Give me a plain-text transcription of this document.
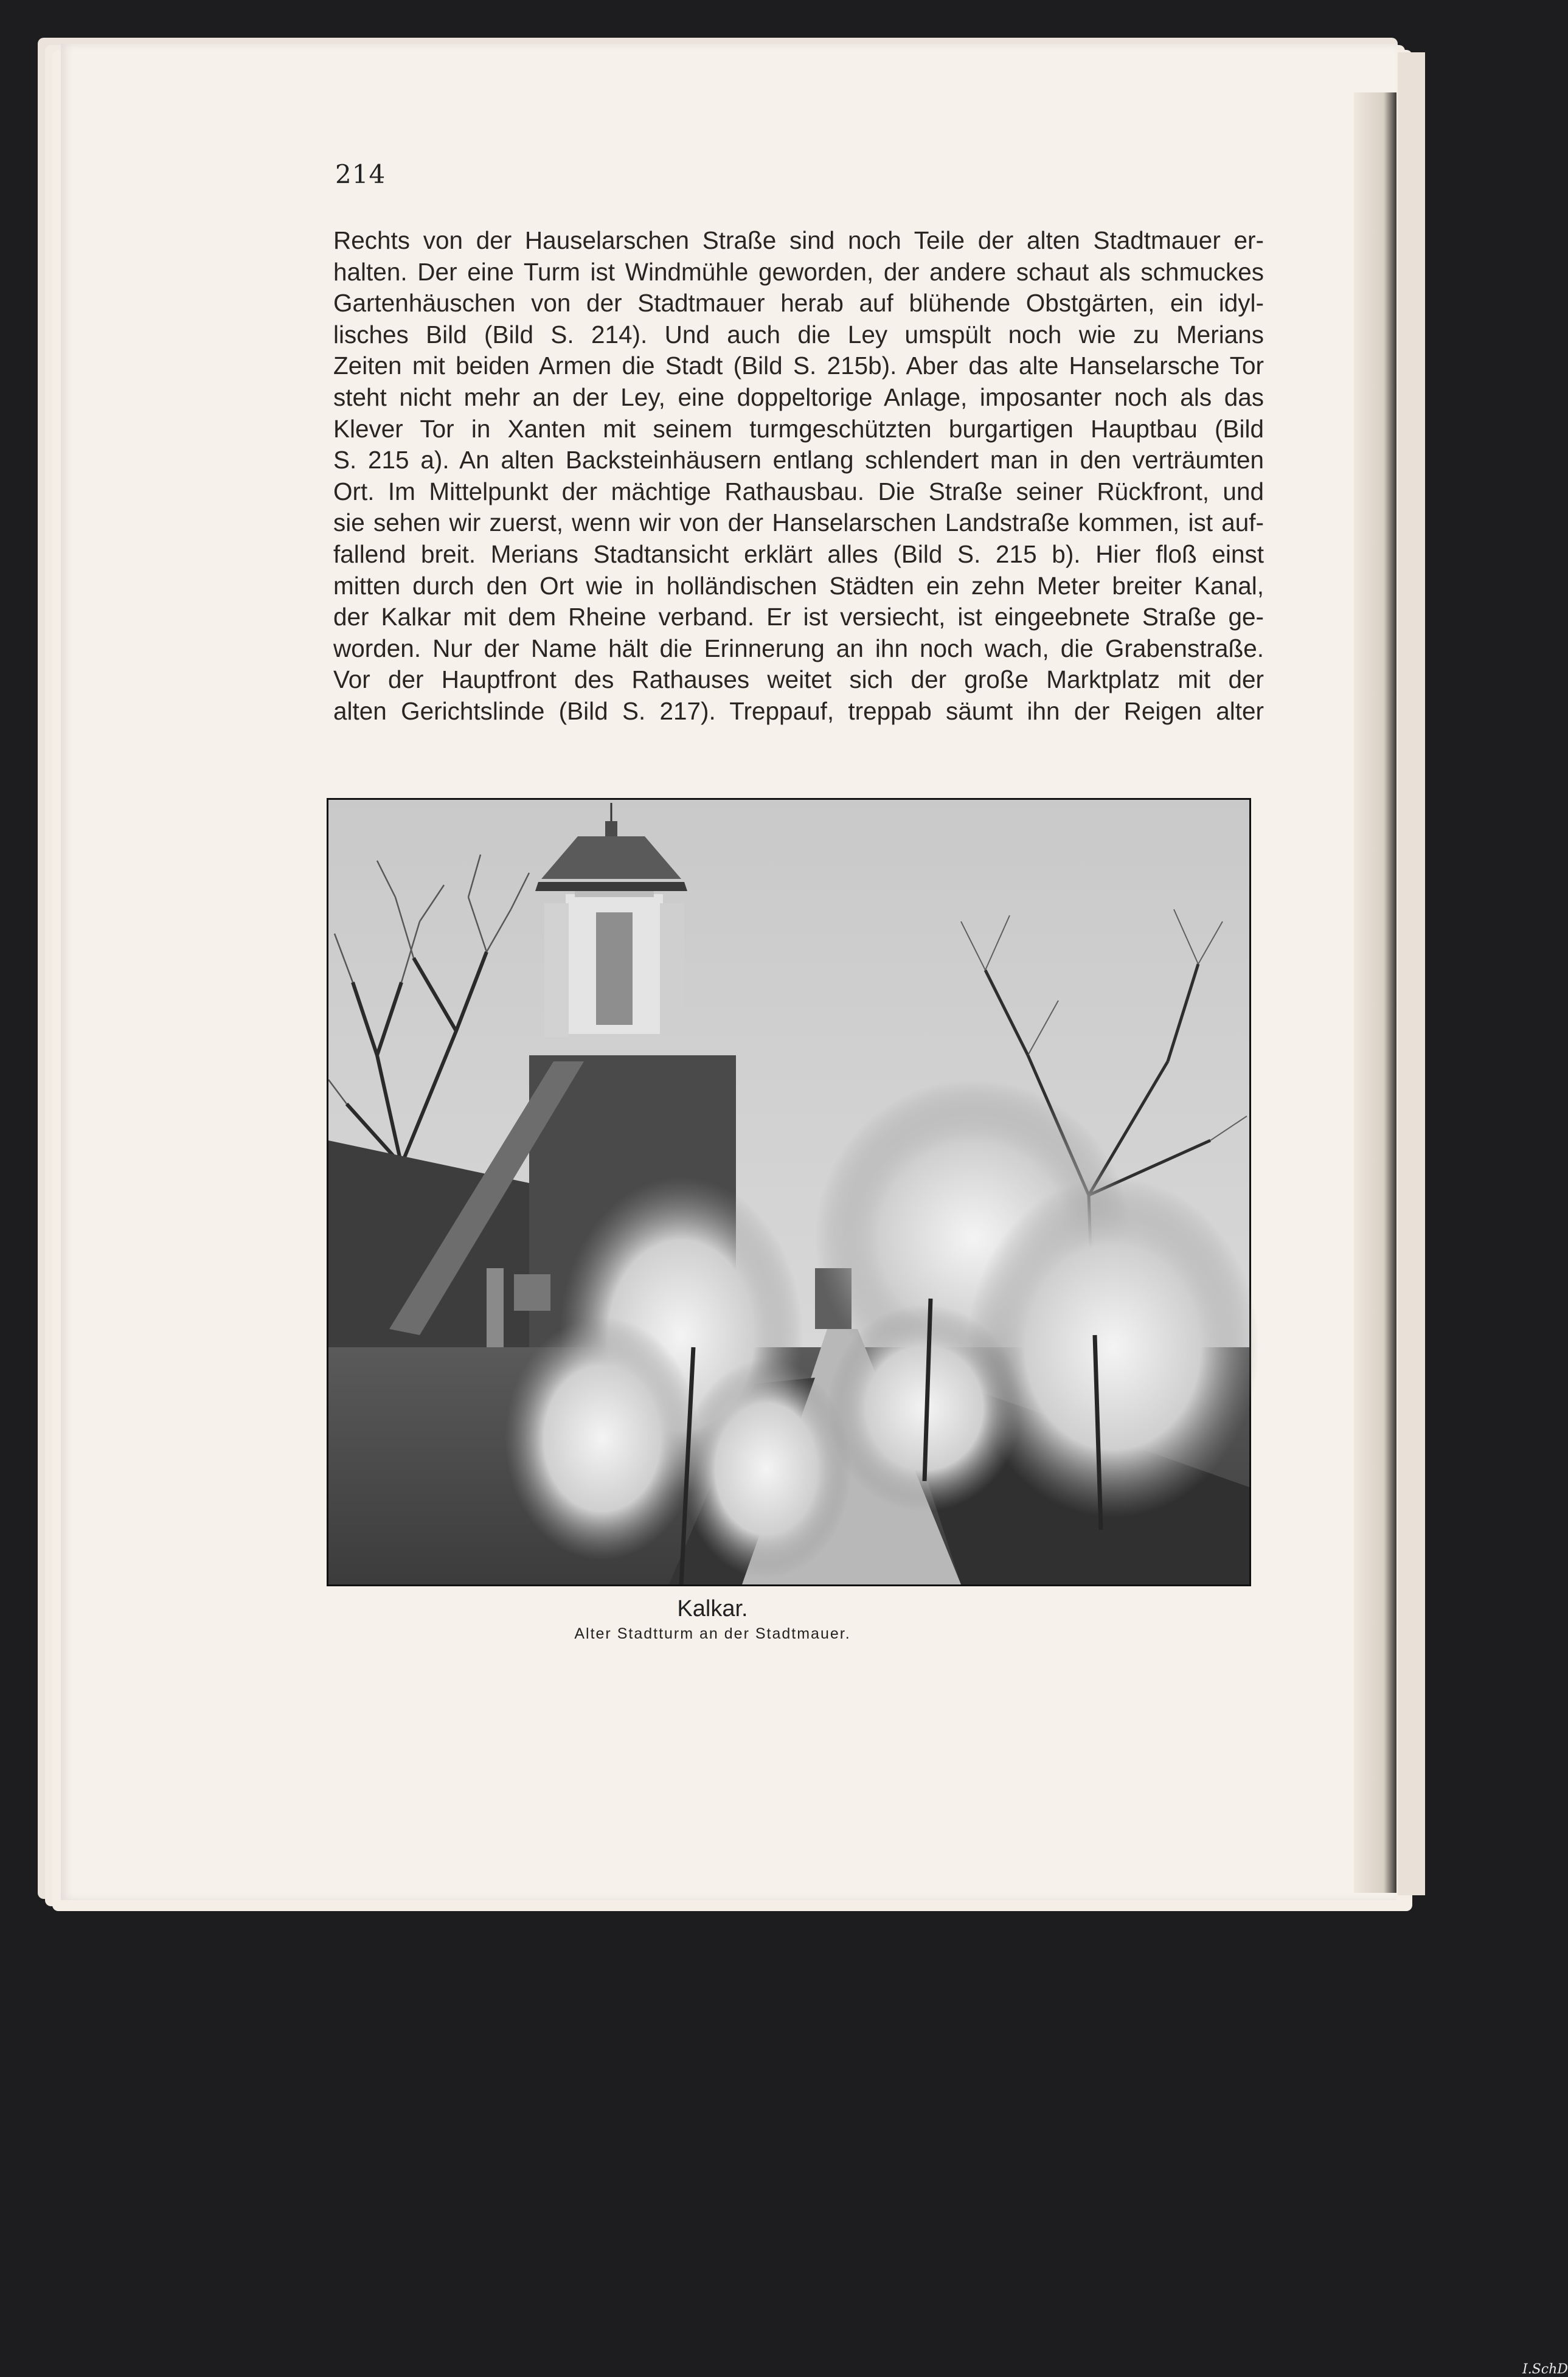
214
Rechts von der Hauselarschen Straße sind noch Teile der alten Stadtmauer er-
halten. Der eine Turm ist Windmühle geworden, der andere schaut als schmuckes
Gartenhäuschen von der Stadtmauer herab auf blühende Obstgärten, ein idyl-
lisches Bild (Bild S. 214). Und auch die Ley umspült noch wie zu Merians
Zeiten mit beiden Armen die Stadt (Bild S. 215b). Aber das alte Hanselarsche Tor
steht nicht mehr an der Ley, eine doppeltorige Anlage, imposanter noch als das
Klever Tor in Xanten mit seinem turmgeschützten burgartigen Hauptbau (Bild
S. 215 a). An alten Backsteinhäusern entlang schlendert man in den verträumten
Ort. Im Mittelpunkt der mächtige Rathausbau. Die Straße seiner Rückfront, und
sie sehen wir zuerst, wenn wir von der Hanselarschen Landstraße kommen, ist auf-
fallend breit. Merians Stadtansicht erklärt alles (Bild S. 215 b). Hier floß einst
mitten durch den Ort wie in holländischen Städten ein zehn Meter breiter Kanal,
der Kalkar mit dem Rheine verband. Er ist versiecht, ist eingeebnete Straße ge-
worden. Nur der Name hält die Erinnerung an ihn noch wach, die Grabenstraße.
Vor der Hauptfront des Rathauses weitet sich der große Marktplatz mit der
alten Gerichtslinde (Bild S. 217). Treppauf, treppab säumt ihn der Reigen alter
I.SchD
Kalkar.
Alter Stadtturm an der Stadtmauer.
